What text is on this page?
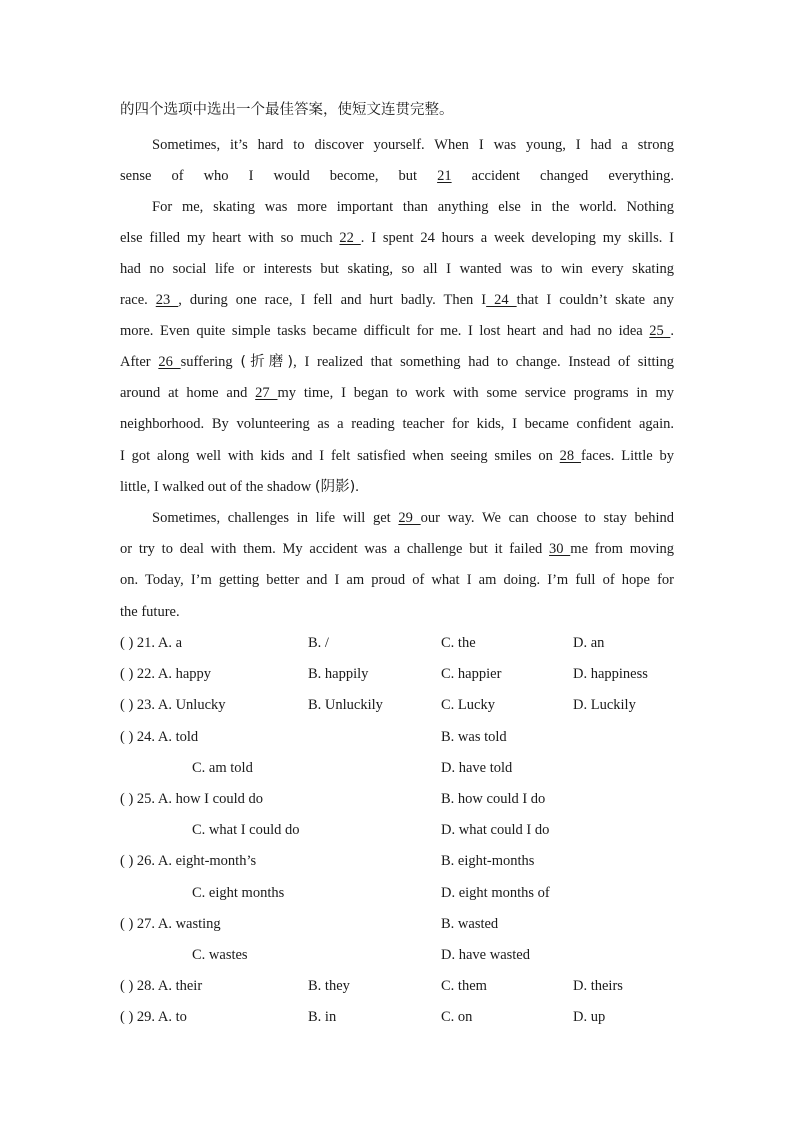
的四个选项中选出一个最佳答案，使短文连贯完整。
Sometimes, it’s hard to discover yourself. When I was young, I had a strong
sense of who I would become, but 21 accident changed everything.
For me, skating was more important than anything else in the world. Nothing
else filled my heart with so much 22 . I spent 24 hours a week developing my skills. I
had no social life or interests but skating, so all I wanted was to win every skating
race. 23 , during one race, I fell and hurt badly. Then I 24 that I couldn’t skate any
more. Even quite simple tasks became difficult for me. I lost heart and had no idea 25 .
After 26 suffering (折磨), I realized that something had to change. Instead of sitting
around at home and 27 my time, I began to work with some service programs in my
neighborhood. By volunteering as a reading teacher for kids, I became confident again.
I got along well with kids and I felt satisfied when seeing smiles on 28 faces. Little by
little, I walked out of the shadow (阴影).
Sometimes, challenges in life will get 29 our way. We can choose to stay behind
or try to deal with them. My accident was a challenge but it failed 30 me from moving
on. Today, I’m getting better and I am proud of what I am doing. I’m full of hope for
the future.
( ) 21. A. a	B. /	C. the	D. an
( ) 22. A. happy	B. happily	C. happier	D. happiness
( ) 23. A. Unlucky	B. Unluckily	C. Lucky	D. Luckily
( ) 24. A. told	B. was told
C. am told	D. have told
( ) 25. A. how I could do	B. how could I do
C. what I could do	D. what could I do
( ) 26. A. eight-month’s	B. eight-months
C. eight months	D. eight months of
( ) 27. A. wasting	B. wasted
C. wastes	D. have wasted
( ) 28. A. their	B. they	C. them	D. theirs
( ) 29. A. to	B. in	C. on	D. up
